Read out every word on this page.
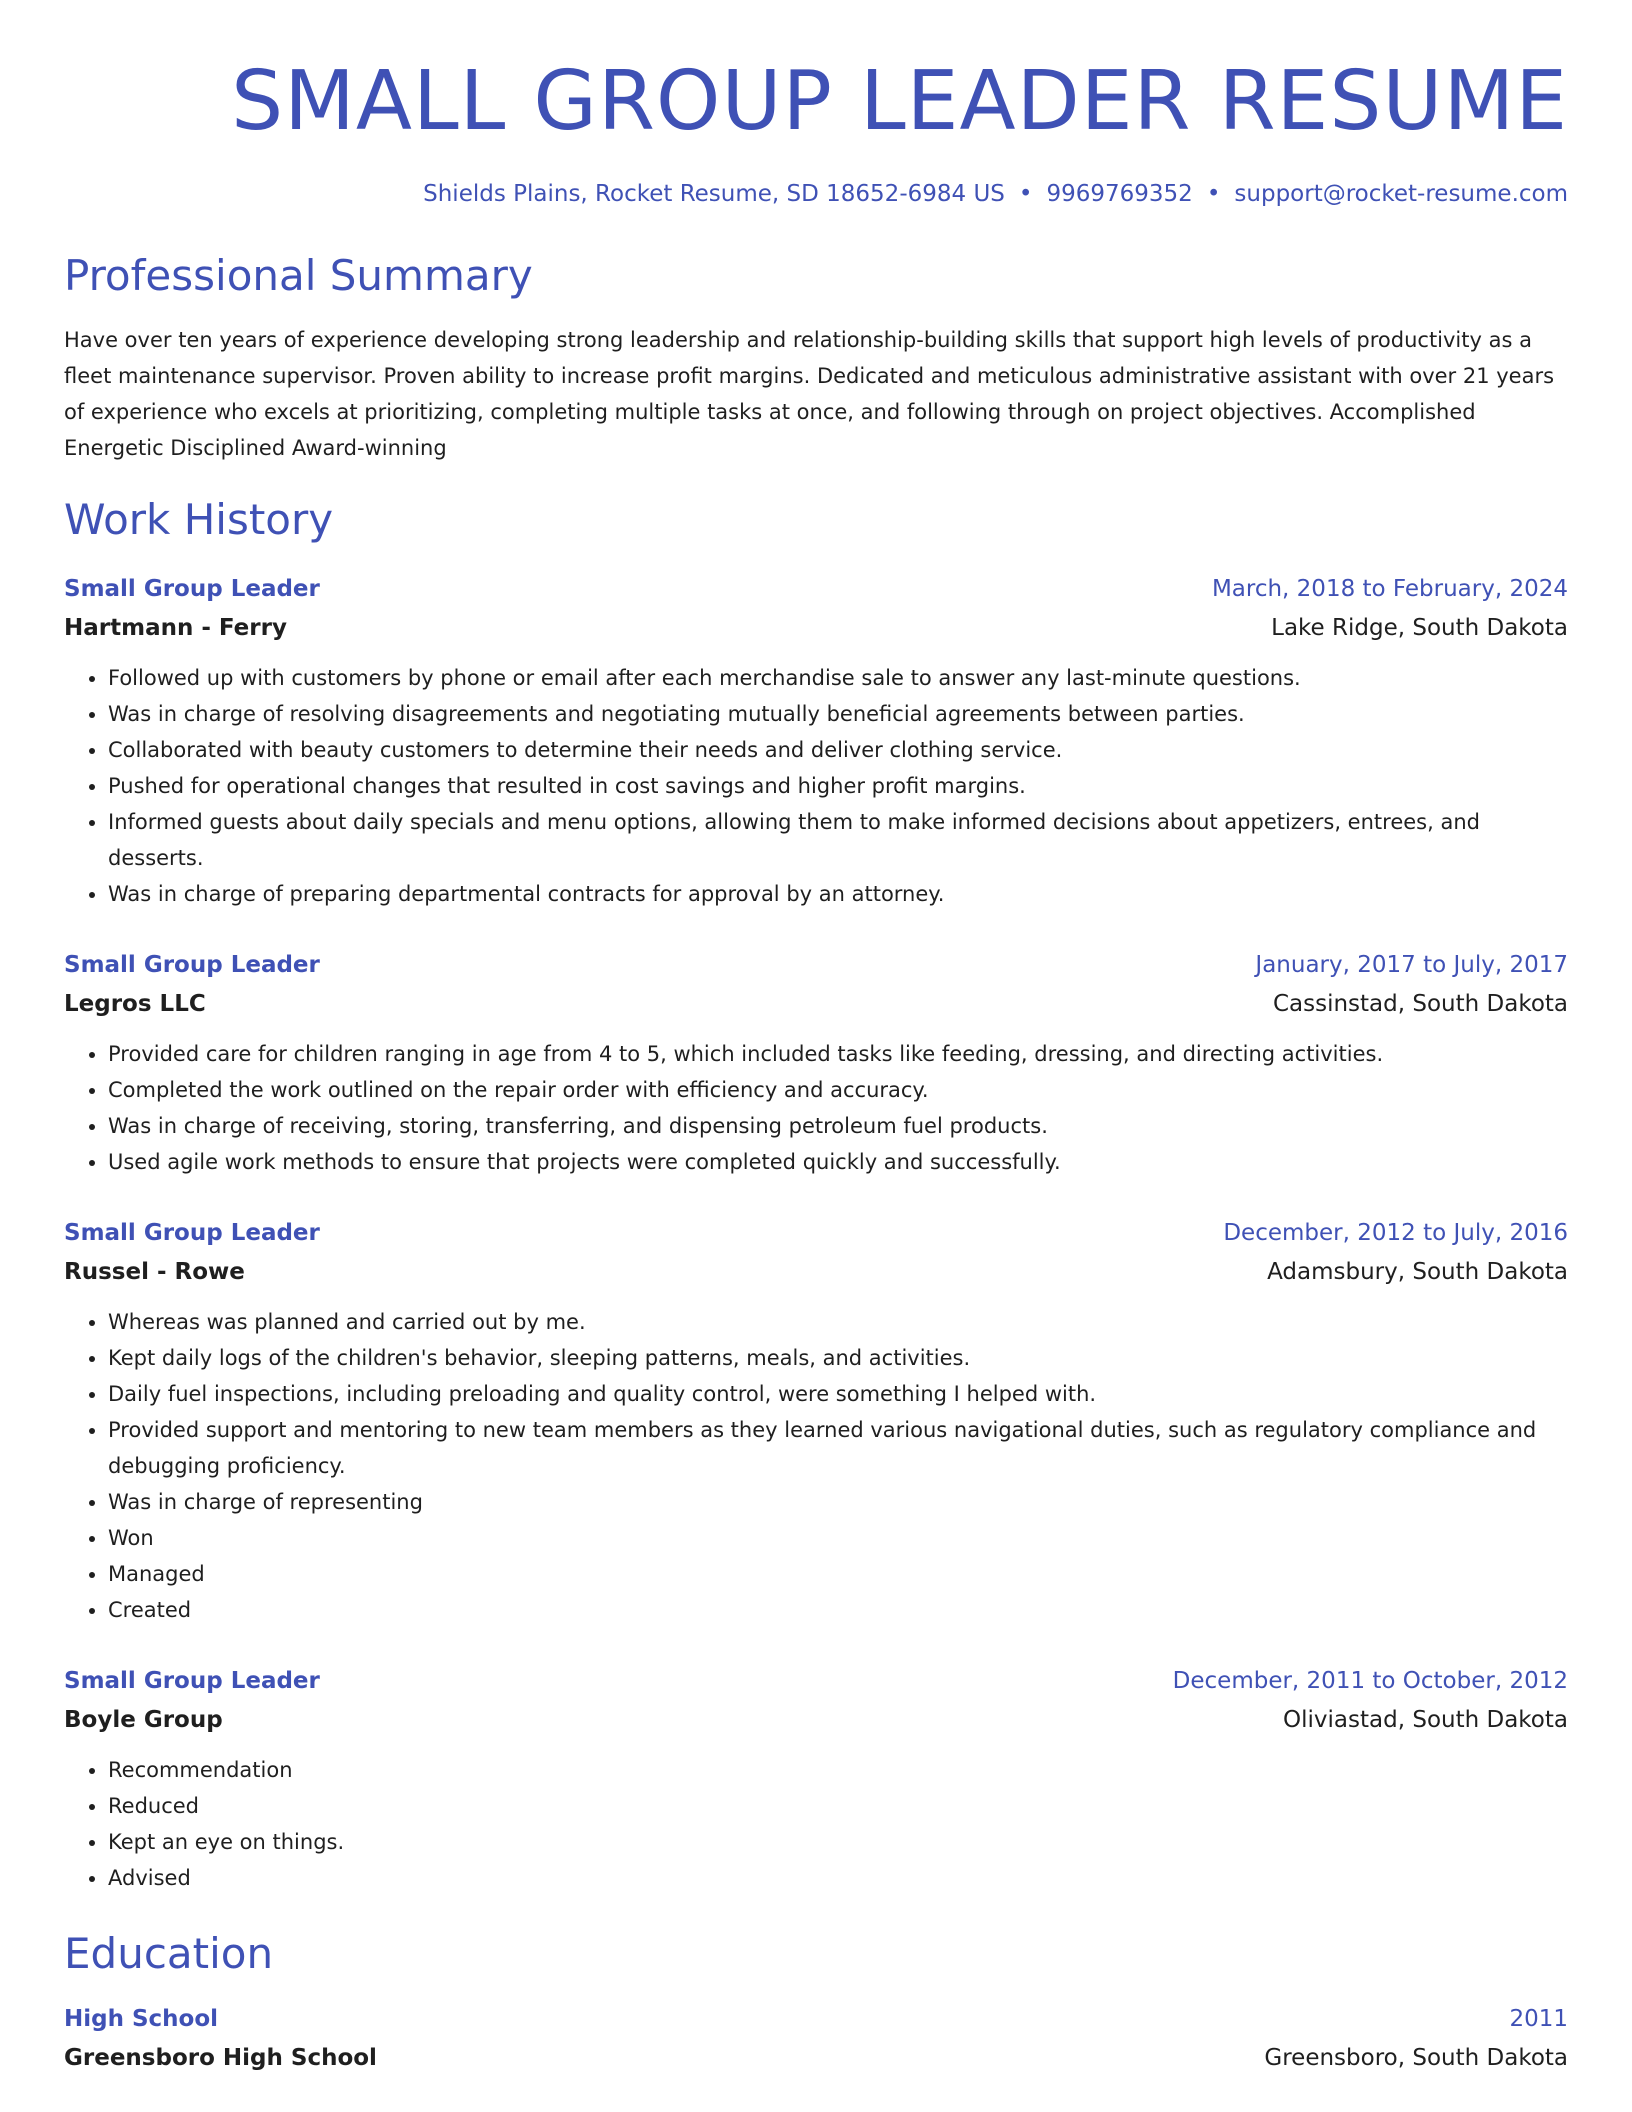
SMALL GROUP LEADER RESUME
Shields Plains, Rocket Resume, SD 18652-6984 US • 9969769352 • support@rocket-resume.com
Professional Summary
Have over ten years of experience developing strong leadership and relationship-building skills that support high levels of productivity as a fleet maintenance supervisor. Proven ability to increase profit margins. Dedicated and meticulous administrative assistant with over 21 years of experience who excels at prioritizing, completing multiple tasks at once, and following through on project objectives. Accomplished Energetic Disciplined Award-winning
Work History
Small Group Leader	March, 2018 to February, 2024
Hartmann - Ferry	Lake Ridge, South Dakota
• Followed up with customers by phone or email after each merchandise sale to answer any last-minute questions.
• Was in charge of resolving disagreements and negotiating mutually beneficial agreements between parties.
• Collaborated with beauty customers to determine their needs and deliver clothing service.
• Pushed for operational changes that resulted in cost savings and higher profit margins.
• Informed guests about daily specials and menu options, allowing them to make informed decisions about appetizers, entrees, and desserts.
• Was in charge of preparing departmental contracts for approval by an attorney.
Small Group Leader	January, 2017 to July, 2017
Legros LLC	Cassinstad, South Dakota
• Provided care for children ranging in age from 4 to 5, which included tasks like feeding, dressing, and directing activities.
• Completed the work outlined on the repair order with efficiency and accuracy.
• Was in charge of receiving, storing, transferring, and dispensing petroleum fuel products.
• Used agile work methods to ensure that projects were completed quickly and successfully.
Small Group Leader	December, 2012 to July, 2016
Russel - Rowe	Adamsbury, South Dakota
• Whereas was planned and carried out by me.
• Kept daily logs of the children's behavior, sleeping patterns, meals, and activities.
• Daily fuel inspections, including preloading and quality control, were something I helped with.
• Provided support and mentoring to new team members as they learned various navigational duties, such as regulatory compliance and debugging proficiency.
• Was in charge of representing
• Won
• Managed
• Created
Small Group Leader	December, 2011 to October, 2012
Boyle Group	Oliviastad, South Dakota
• Recommendation
• Reduced
• Kept an eye on things.
• Advised
Education
High School	2011
Greensboro High School	Greensboro, South Dakota
